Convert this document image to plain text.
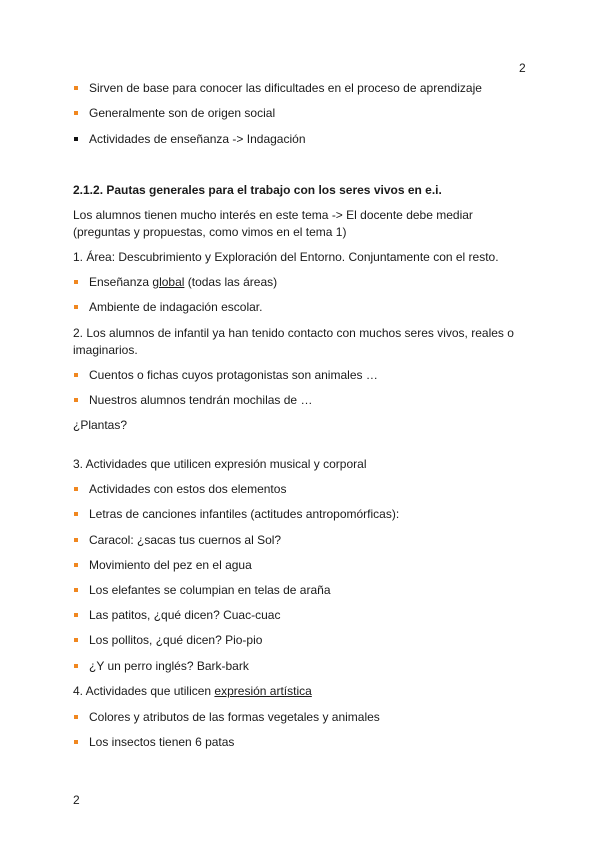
2
Sirven de base para conocer las dificultades en el proceso de aprendizaje
Generalmente son de origen social
Actividades de enseñanza -> Indagación
2.1.2. Pautas generales para el trabajo con los seres vivos en e.i.
Los alumnos tienen mucho interés en este tema -> El docente debe mediar
(preguntas y propuestas, como vimos en el tema 1)
1. Área: Descubrimiento y Exploración del Entorno. Conjuntamente con el resto.
Enseñanza global (todas las áreas)
Ambiente de indagación escolar.
2. Los alumnos de infantil ya han tenido contacto con muchos seres vivos, reales o
imaginarios.
Cuentos o fichas cuyos protagonistas son animales …
Nuestros alumnos tendrán mochilas de …
¿Plantas?
3. Actividades que utilicen expresión musical y corporal
Actividades con estos dos elementos
Letras de canciones infantiles (actitudes antropomórficas):
Caracol: ¿sacas tus cuernos al Sol?
Movimiento del pez en el agua
Los elefantes se columpian en telas de araña
Las patitos, ¿qué dicen? Cuac-cuac
Los pollitos, ¿qué dicen? Pio-pio
¿Y un perro inglés? Bark-bark
4. Actividades que utilicen expresión artística
Colores y atributos de las formas vegetales y animales
Los insectos tienen 6 patas
2
